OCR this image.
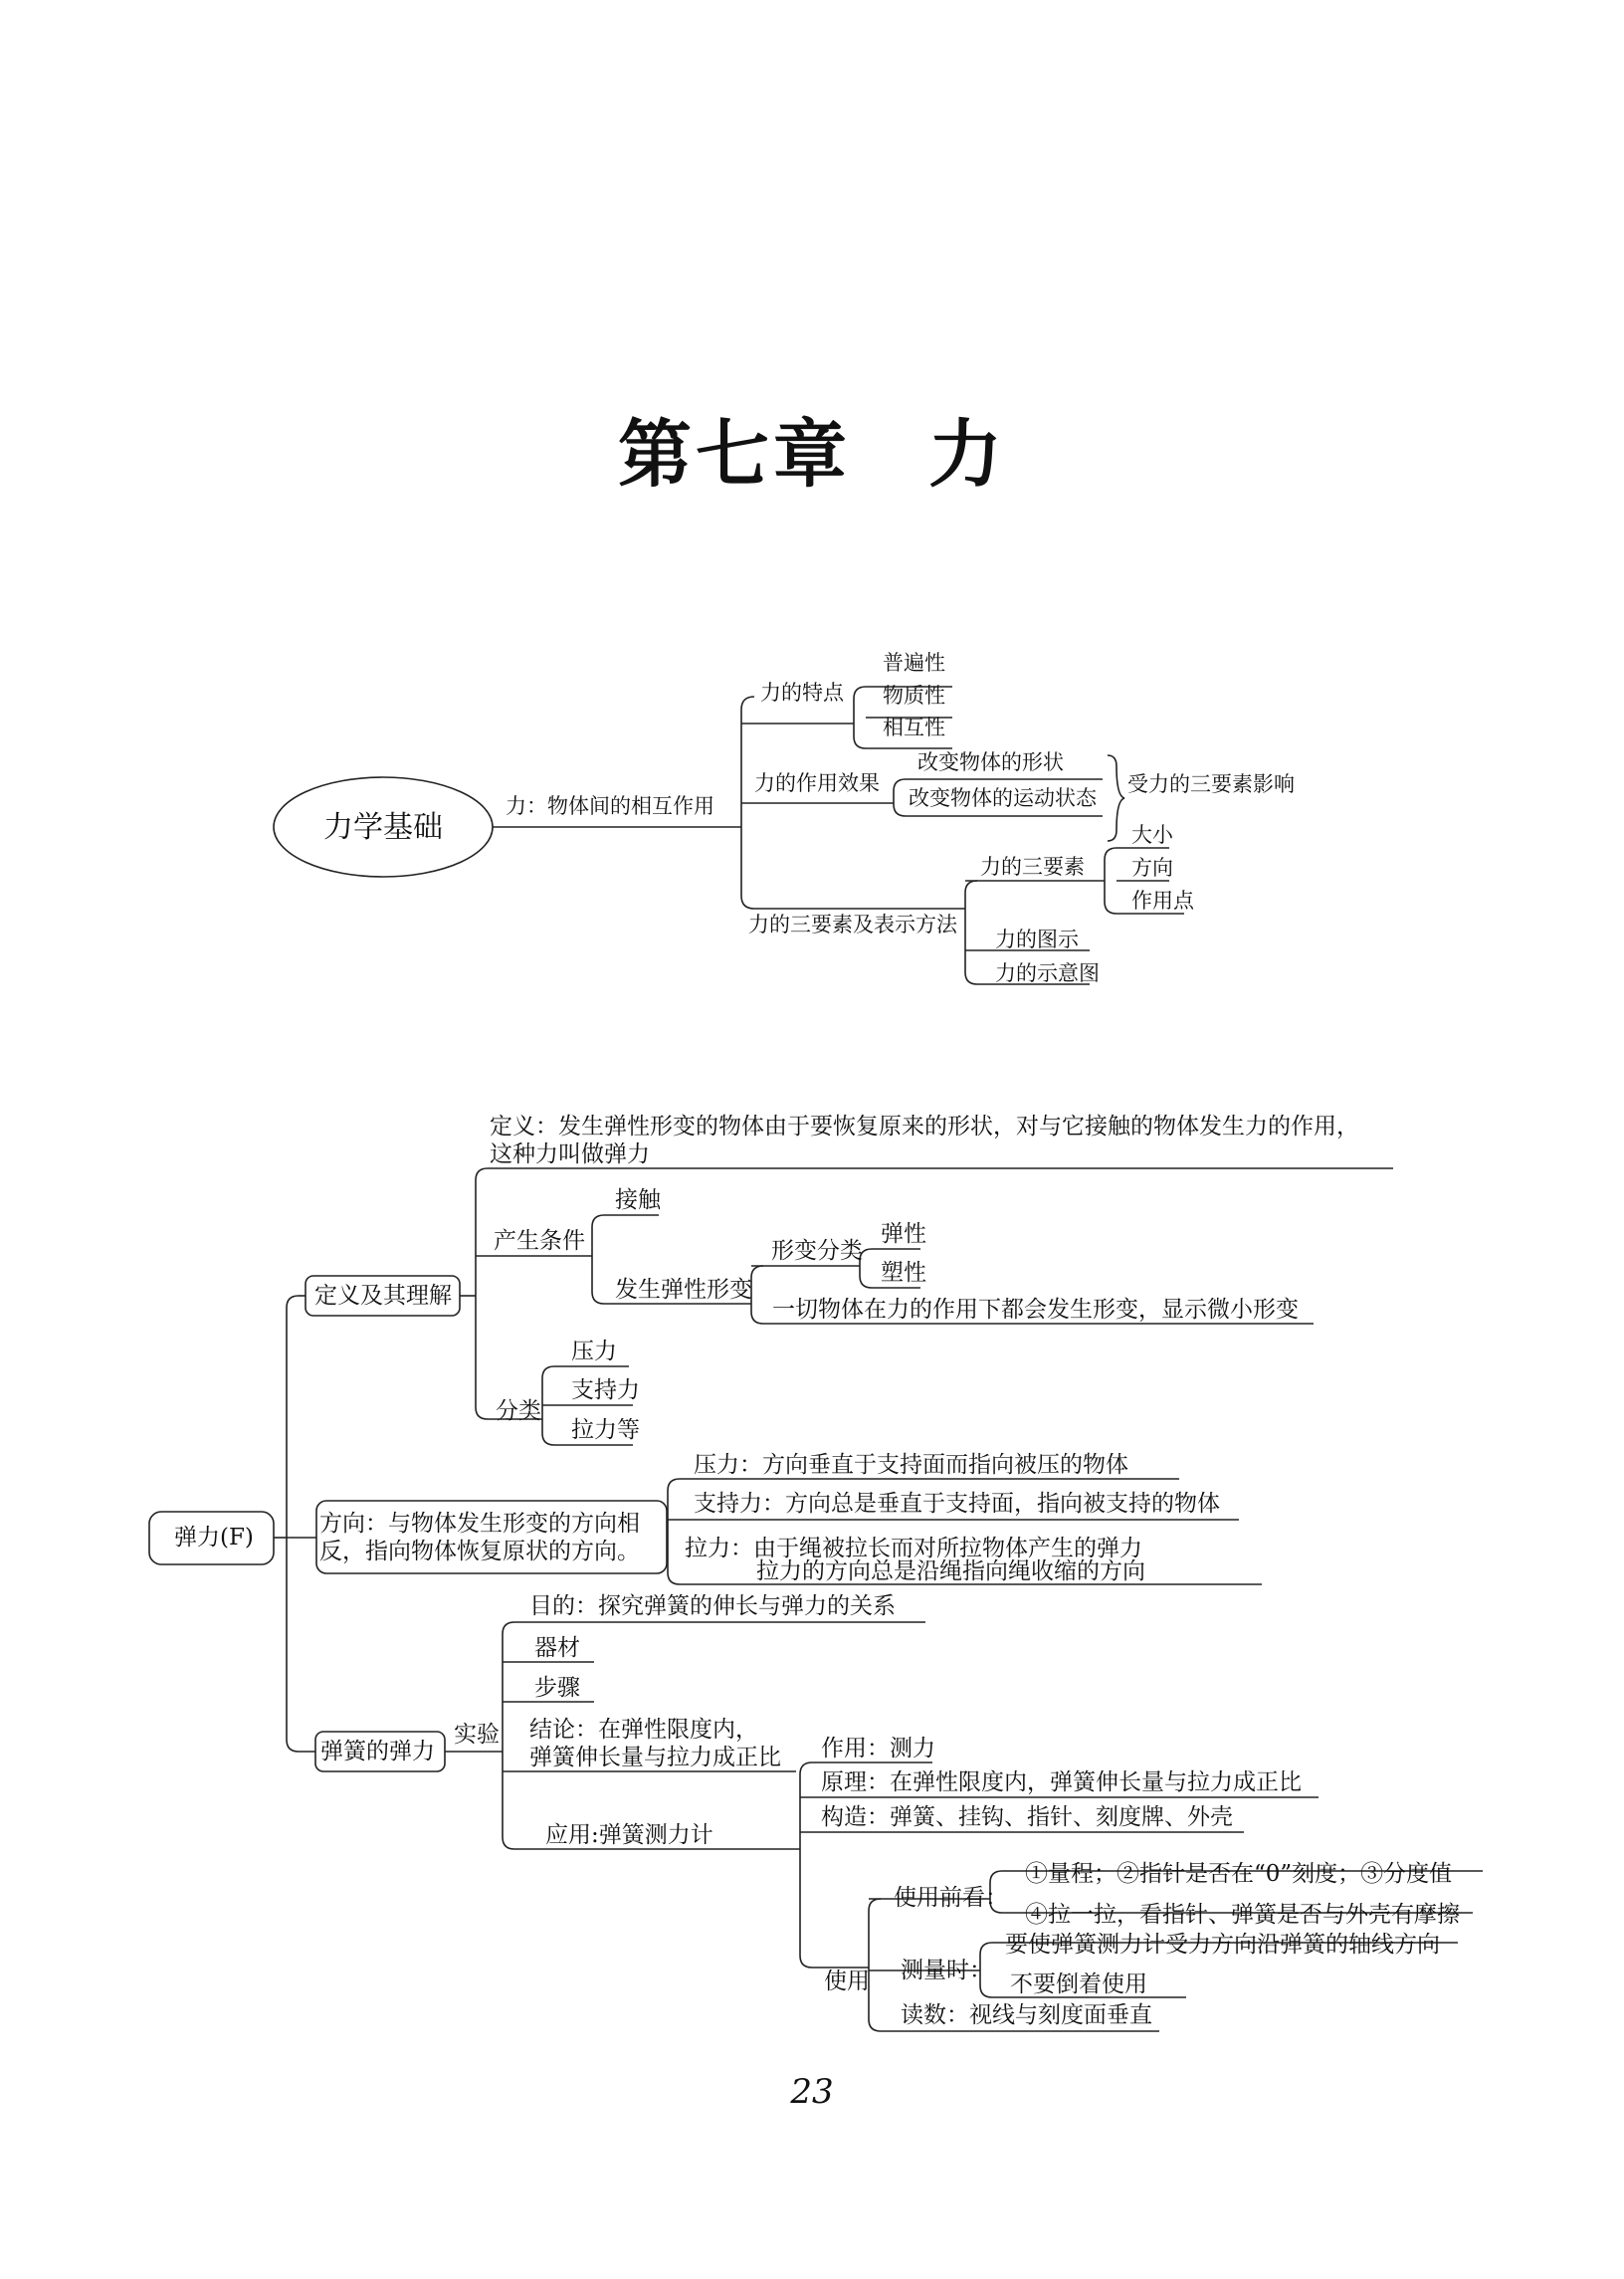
第七章　力
力学基础
力：物体间的相互作用
力的特点
普遍性
物质性
相互性
力的作用效果
改变物体的形状
改变物体的运动状态
受力的三要素影响
力的三要素及表示方法
力的三要素
大小
方向
作用点
力的图示
力的示意图
弹力(F)
定义及其理解
定义：发生弹性形变的物体由于要恢复原来的形状，对与它接触的物体发生力的作用，
这种力叫做弹力
产生条件
接触
发生弹性形变
形变分类
弹性
塑性
一切物体在力的作用下都会发生形变，显示微小形变
分类
压力
支持力
拉力等
方向：与物体发生形变的方向相
反，指向物体恢复原状的方向。
压力：方向垂直于支持面而指向被压的物体
支持力：方向总是垂直于支持面，指向被支持的物体
拉力：由于绳被拉长而对所拉物体产生的弹力
拉力的方向总是沿绳指向绳收缩的方向
弹簧的弹力
实验
目的：探究弹簧的伸长与弹力的关系
器材
步骤
结论：在弹性限度内，
弹簧伸长量与拉力成正比
应用:弹簧测力计
作用：测力
原理：在弹性限度内，弹簧伸长量与拉力成正比
构造：弹簧、挂钩、指针、刻度牌、外壳
使用
使用前看：
①量程；②指针是否在“0”刻度；③分度值
④拉一拉，看指针、弹簧是否与外壳有摩擦
测量时：
要使弹簧测力计受力方向沿弹簧的轴线方向
不要倒着使用
读数：视线与刻度面垂直
23
